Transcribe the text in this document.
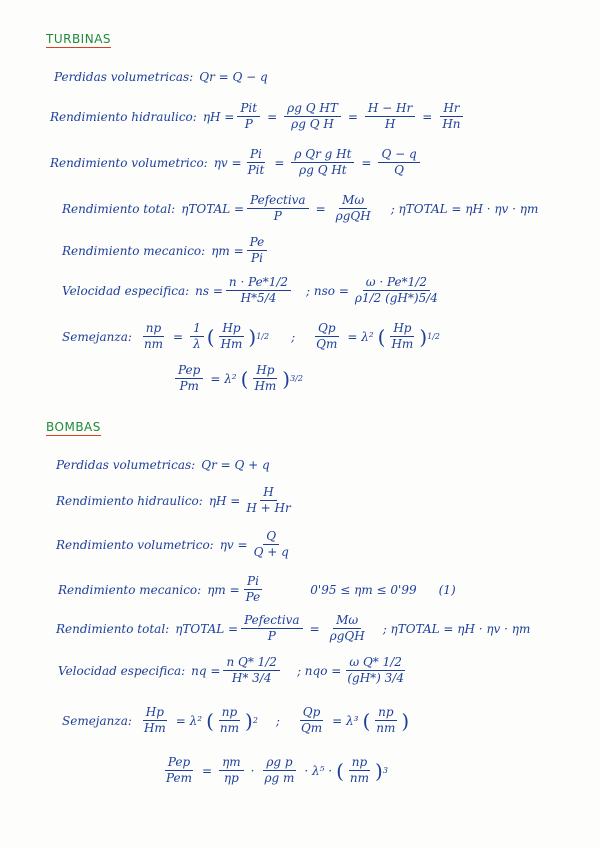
TURBINAS
Perdidas volumetricas: Qr = Q − q
Rendimiento hidraulico: $\eta H = \frac{\text{Pit}}{P} = \frac{\text{ρg Q HT}}{\text{ρg Q H}} = \frac{H - Hr}{H} = \frac{Hr}{Hn}$
Rendimiento volumetrico: $\eta v = \frac{Pi}{\text{Pit}} = \frac{\text{ρ Qr g Ht}}{\text{ρg Q Ht}} = \frac{Q - q}{Q}$
Rendimiento total: ηTOTAL = $\frac{\text{Pefectiva}}{P} = \frac{M\omega}{\text{ρgQH}}$ ; ηTOTAL = ηH · ηv · ηm
Rendimiento mecanico: $\eta m = \frac{Pe}{Pi}$
Velocidad especifica: ns = $\frac{n \cdot Pe*1/2}{H*5/4}$ ; nso = $\frac{\omega \cdot Pe*1/2}{\rho 1/2 (gH*)5/4}$
Semejanza: $\frac{np}{nm} = \frac{1}{\lambda}$ ( $\frac{Hp}{Hm}$ ) 1/2 ; $\frac{Qp}{Qm} = \lambda^2$ ( $\frac{Hp}{Hm}$ ) 1/2
$\frac{\text{Pep}}{Pm} = \lambda^2$ ( $\frac{Hp}{Hm}$ ) 3/2
BOMBAS
Perdidas volumetricas: Qr = Q + q
Rendimiento hidraulico: $\eta H = \frac{H}{H + Hr}$
Rendimiento volumetrico: $\eta v = \frac{Q}{Q + q}$
Rendimiento mecanico: $\eta m = \frac{Pi}{Pe}$	0'95 ≤ ηm ≤ 0'99 (1)
Rendimiento total: ηTOTAL = $\frac{\text{Pefectiva}}{P} = \frac{M\omega}{\text{ρgQH}}$ ; ηTOTAL = ηH · ηv · ηm
Velocidad especifica: nq = $\frac{\text{n Q* 1/2}}{H* 3/4}$ ; nqo = $\frac{\text{ω Q* 1/2}}{(gH*) 3/4}$
Semejanza: $\frac{Hp}{Hm} = \lambda^2$ ( $\frac{np}{nm}$ ) 2 ; $\frac{Qp}{Qm} = \lambda^3$ ( $\frac{np}{nm}$ )
$\frac{\text{Pep}}{\text{Pem}} = \frac{\eta m}{\eta p} \cdot \frac{\text{ρg p}}{\text{ρg m}} \cdot \lambda^5$ · ( $\frac{np}{nm}$ ) 3
